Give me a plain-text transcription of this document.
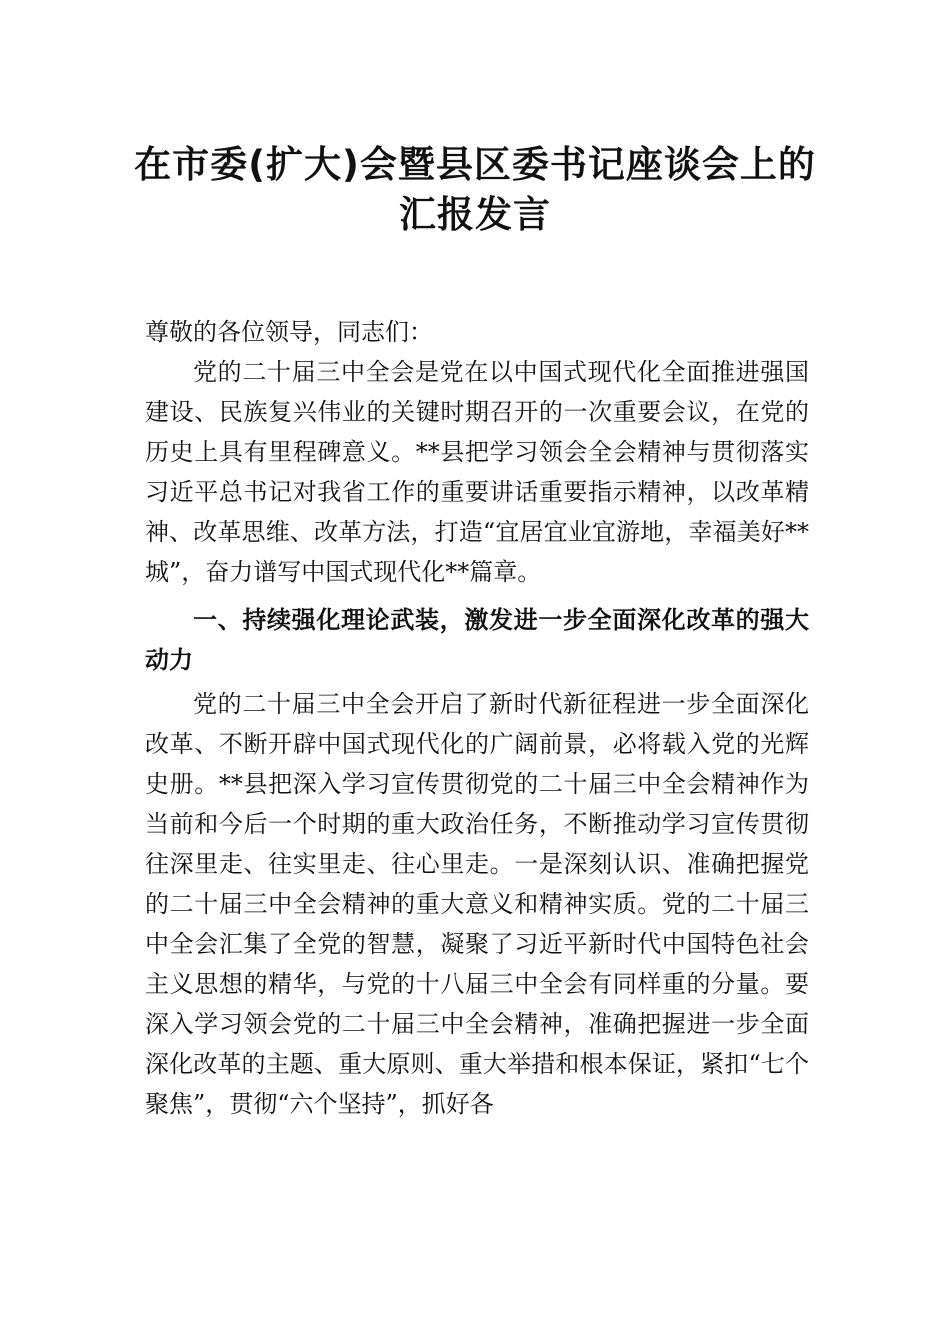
在市委(扩大)会暨县区委书记座谈会上的汇报发言

尊敬的各位领导，同志们：

党的二十届三中全会是党在以中国式现代化全面推进强国建设、民族复兴伟业的关键时期召开的一次重要会议，在党的历史上具有里程碑意义。**县把学习领会全会精神与贯彻落实习近平总书记对我省工作的重要讲话重要指示精神，以改革精神、改革思维、改革方法，打造“宜居宜业宜游地，幸福美好**城”，奋力谱写中国式现代化**篇章。

一、持续强化理论武装，激发进一步全面深化改革的强大动力

党的二十届三中全会开启了新时代新征程进一步全面深化改革、不断开辟中国式现代化的广阔前景，必将载入党的光辉史册。**县把深入学习宣传贯彻党的二十届三中全会精神作为当前和今后一个时期的重大政治任务，不断推动学习宣传贯彻往深里走、往实里走、往心里走。一是深刻认识、准确把握党的二十届三中全会精神的重大意义和精神实质。党的二十届三中全会汇集了全党的智慧，凝聚了习近平新时代中国特色社会主义思想的精华，与党的十八届三中全会有同样重的分量。要深入学习领会党的二十届三中全会精神，准确把握进一步全面深化改革的主题、重大原则、重大举措和根本保证，紧扣“七个聚焦”，贯彻“六个坚持”，抓好各
